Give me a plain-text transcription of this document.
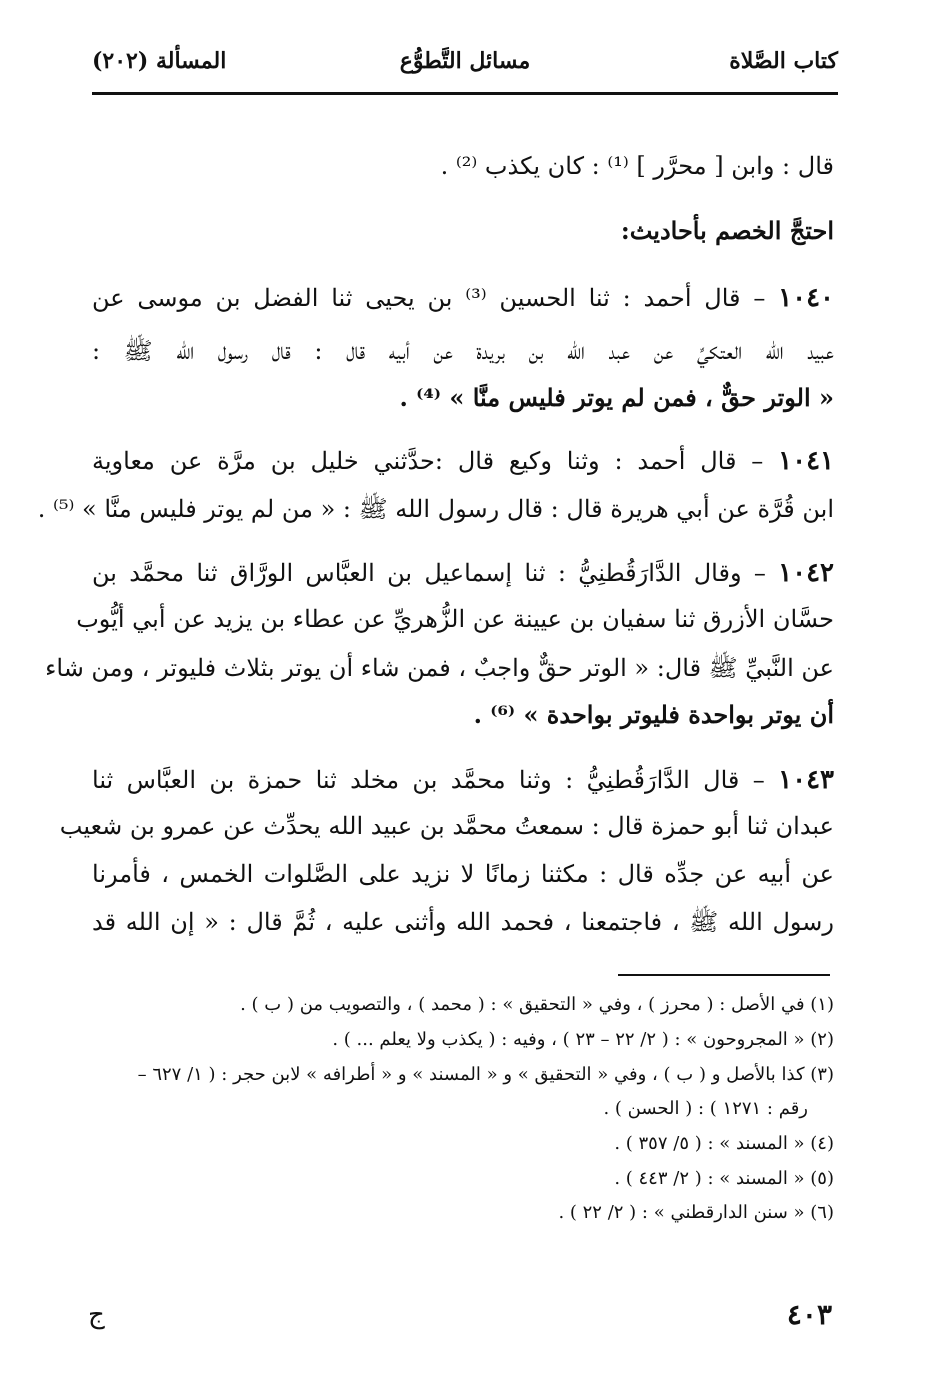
كتاب الصَّلاة
مسائل التَّطوُّع
المسألة (٢٠٢)
قال : وابن [ محرَّر ] ⁽¹⁾ : كان يكذب ⁽²⁾ .
احتجَّ الخصم بأحاديث:
١٠٤٠ – قال أحمد : ثنا الحسين ⁽³⁾ بن يحيى ثنا الفضل بن موسى عن
عبيد الله العتكيِّ عن عبد الله بن بريدة عن أبيه قال : قال رسول الله ﷺ :
« الوتر حقٌّ ، فمن لم يوتر فليس منَّا » ⁽⁴⁾ .
١٠٤١ – قال أحمد : وثنا وكيع قال :حدَّثني خليل بن مرَّة عن معاوية
ابن قُرَّة عن أبي هريرة قال : قال رسول الله ﷺ : « من لم يوتر فليس منَّا » ⁽⁵⁾ .
١٠٤٢ – وقال الدَّارَقُطنِيُّ : ثنا إسماعيل بن العبَّاس الورَّاق ثنا محمَّد بن
حسَّان الأزرق ثنا سفيان بن عيينة عن الزُّهريِّ عن عطاء بن يزيد عن أبي أيُّوب
عن النَّبيِّ ﷺ قال: « الوتر حقٌّ واجبٌ ، فمن شاء أن يوتر بثلاث فليوتر ، ومن شاء
أن يوتر بواحدة فليوتر بواحدة » ⁽⁶⁾ .
١٠٤٣ – قال الدَّارَقُطنِيُّ : وثنا محمَّد بن مخلد ثنا حمزة بن العبَّاس ثنا
عبدان ثنا أبو حمزة قال : سمعتُ محمَّد بن عبيد الله يحدِّث عن عمرو بن شعيب
عن أبيه عن جدِّه قال : مكثنا زمانًا لا نزيد على الصَّلوات الخمس ، فأمرنا
رسول الله ﷺ ، فاجتمعنا ، فحمد الله وأثنى عليه ، ثُمَّ قال : « إن الله قد
(١) في الأصل : ( محرز ) ، وفي « التحقيق » : ( محمد ) ، والتصويب من ( ب ) .
(٢) « المجروحون » : ( ٢/ ٢٢ – ٢٣ ) ، وفيه : ( يكذب ولا يعلم ... ) .
(٣) كذا بالأصل و ( ب ) ، وفي « التحقيق » و « المسند » و « أطرافه » لابن حجر : ( ١/ ٦٢٧ –
رقم : ١٢٧١ ) : ( الحسن ) .
(٤) « المسند » : ( ٥/ ٣٥٧ ) .
(٥) « المسند » : ( ٢/ ٤٤٣ ) .
(٦) « سنن الدارقطني » : ( ٢/ ٢٢ ) .
ج	٤٠٣
